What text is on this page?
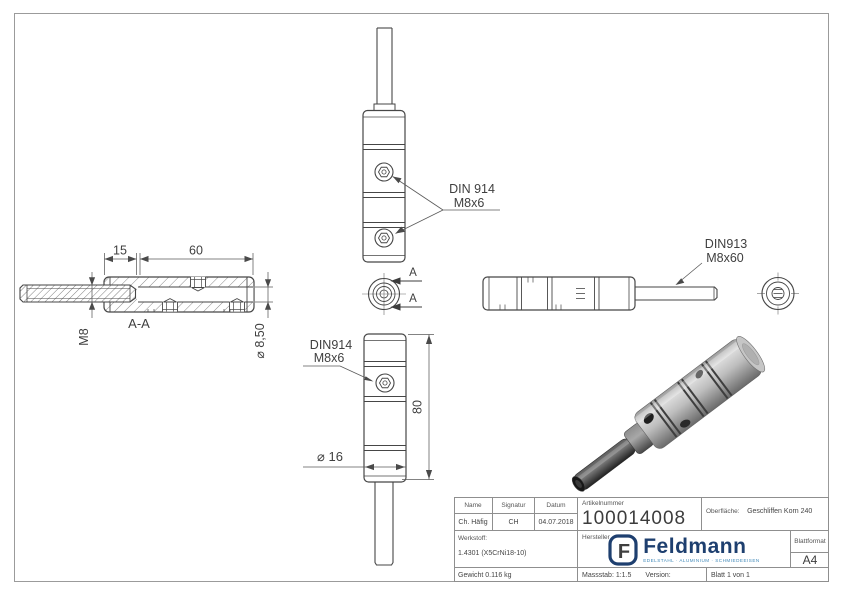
15	60
A-A
M8	⌀ 8,50
DIN 914
M8x6
A
A
DIN914
M8x6
80
⌀ 16
DIN913
M8x60
Name	Signatur	Datum
Ch. Häfig	CH	04.07.2018
Artikelnummer
100014008	Oberfläche: Geschliffen Korn 240
Werkstoff:
1.4301 (X5CrNi18-10)
Hersteller
F Feldmann
EDELSTAHL · ALUMINIUM · SCHMIEDEEISEN
Blattformat
A4
Gewicht 0.116 kg	Massstab: 1:1.5	Version:	Blatt 1 von 1
